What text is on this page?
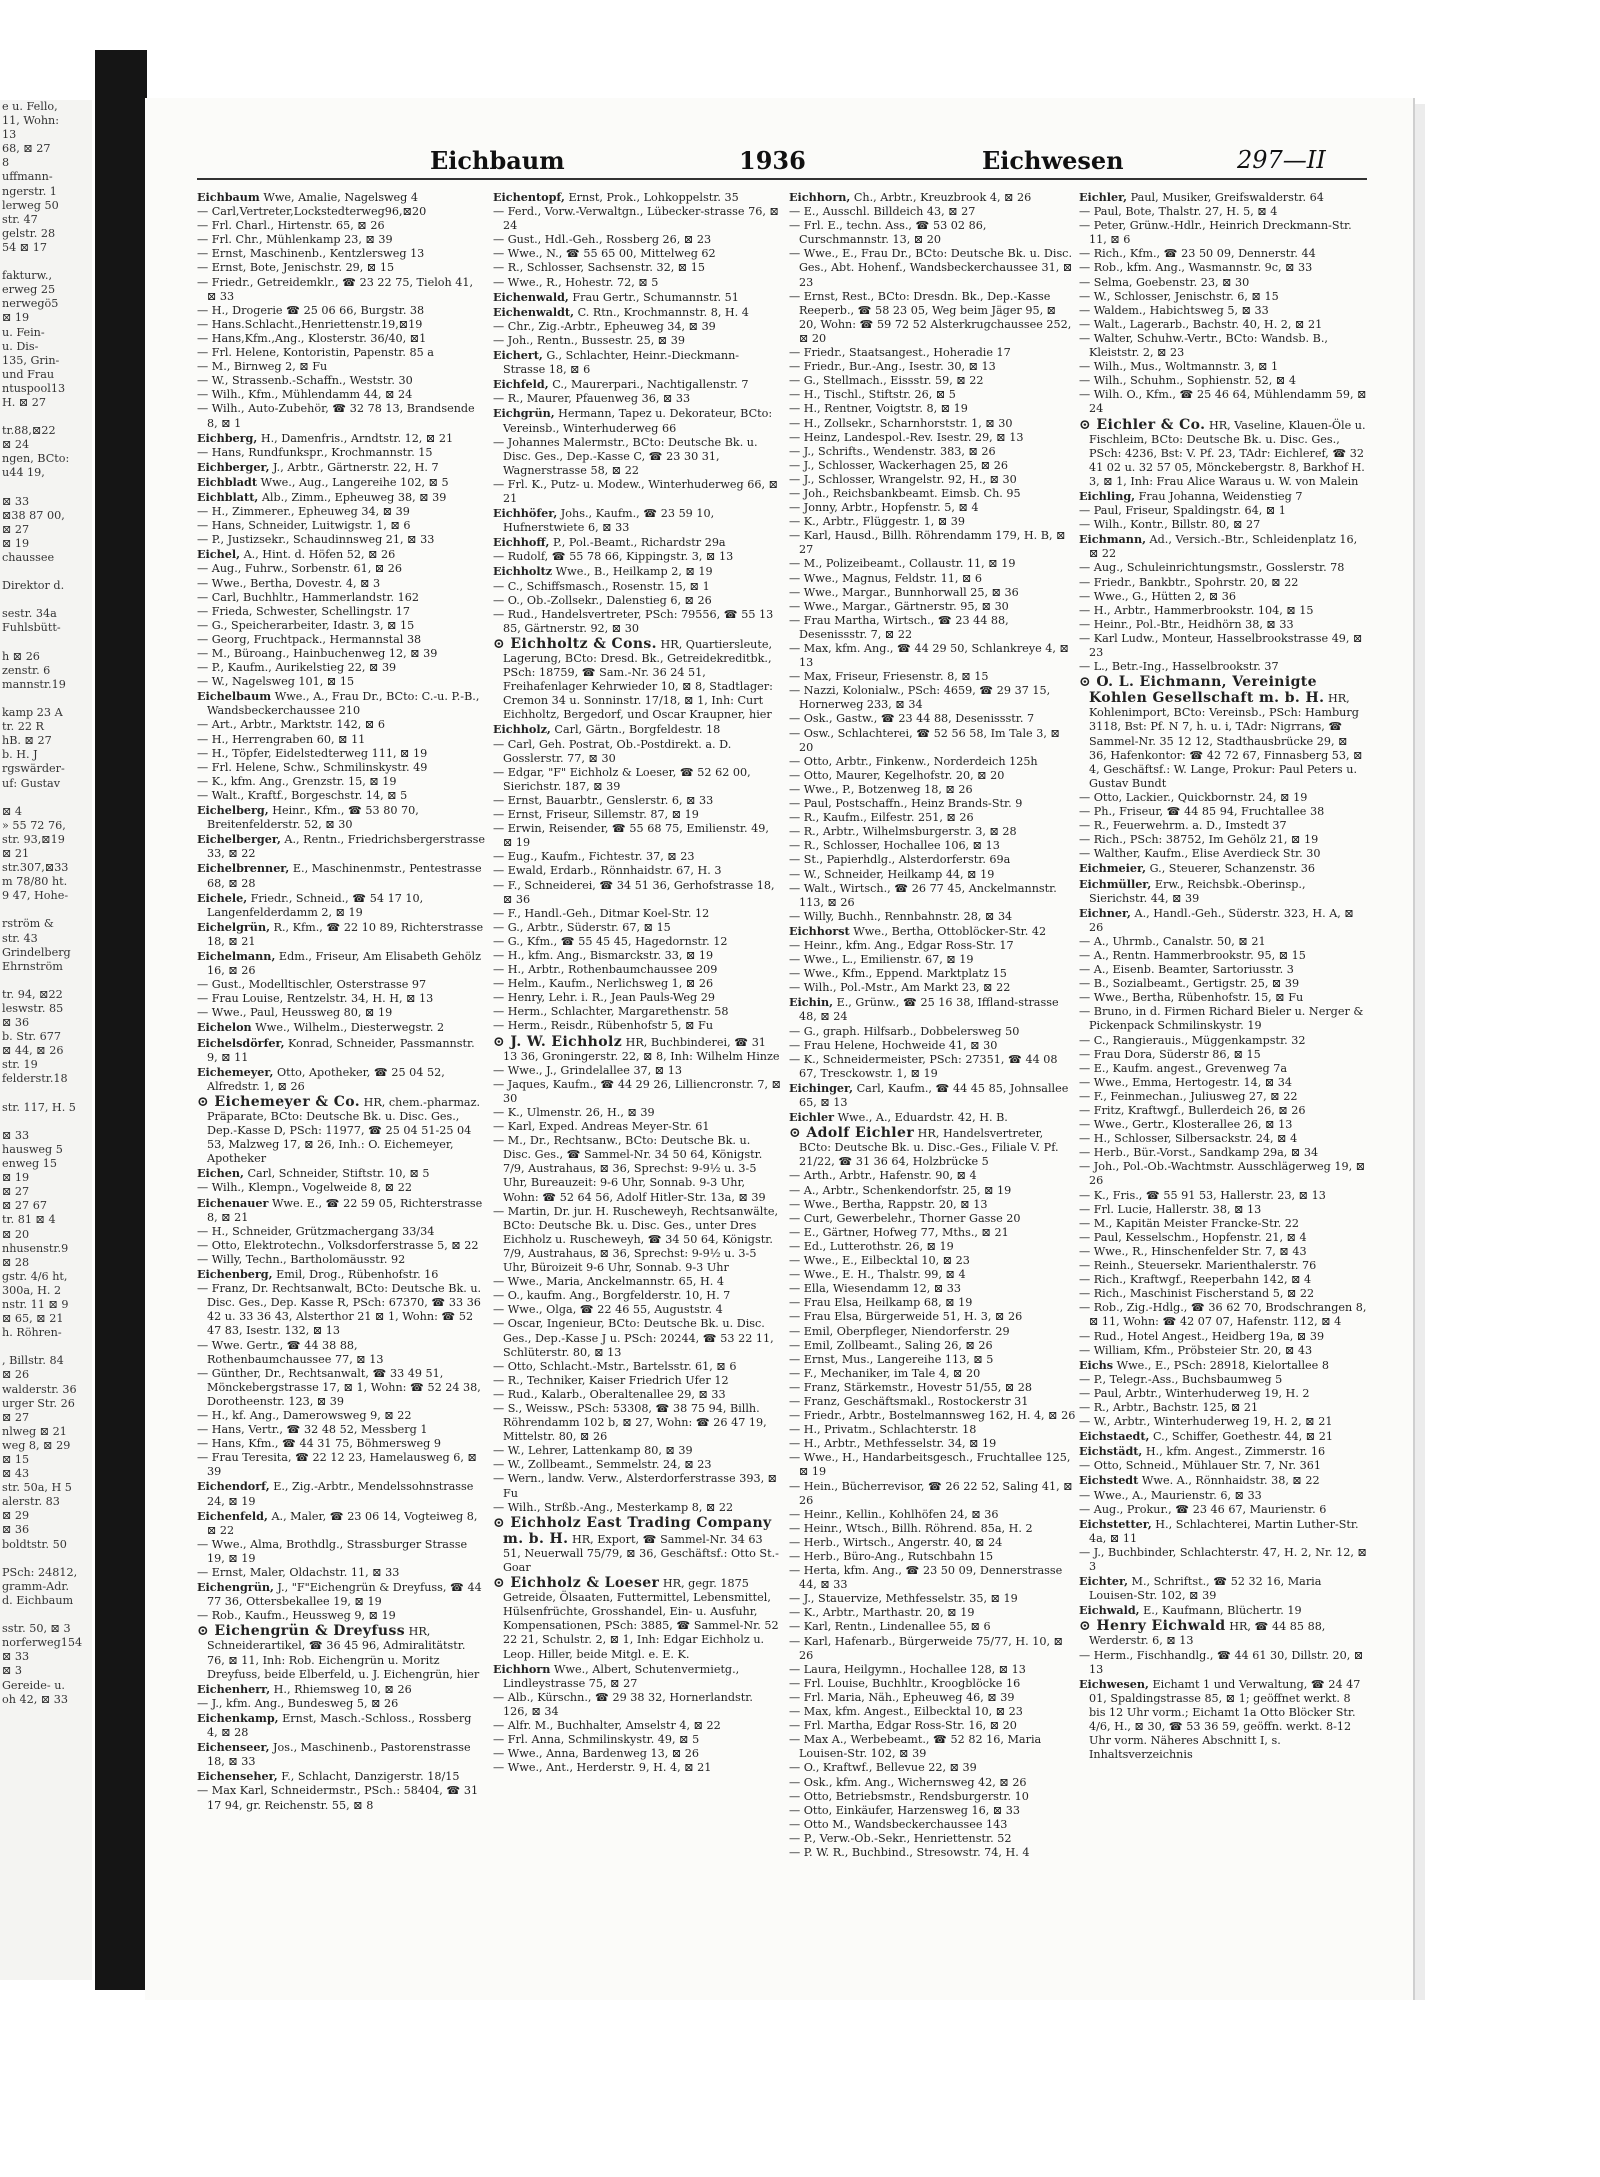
e u. Fello,
11, Wohn:
13
68, ⊠ 27
8
uffmann-
ngerstr. 1
lerweg 50
str. 47
gelstr. 28
54 ⊠ 17

fakturw.,
erweg 25
nerwegö5
⊠ 19
u. Fein-
u. Dis-
135, Grin-
und Frau
ntuspool13
H. ⊠ 27

tr.88,⊠22
⊠ 24
ngen, BCto:
u44 19,

⊠ 33
⊠38 87 00,
⊠ 27
⊠ 19
chaussee

Direktor d.

sestr. 34a
Fuhlsbütt-

h ⊠ 26
zenstr. 6
mannstr.19

kamp 23 A
tr. 22 R
hB. ⊠ 27
b. H. J
rgswärder-
uf: Gustav

⊠ 4
» 55 72 76,
str. 93,⊠19
⊠ 21
str.307,⊠33
m 78/80 ht.
9 47, Hohe-

rström &
str. 43
Grindelberg
Ehrnström

tr. 94, ⊠22
leswstr. 85
⊠ 36
b. Str. 677
⊠ 44, ⊠ 26
str. 19
felderstr.18

str. 117, H. 5

⊠ 33
hausweg 5
enweg 15
⊠ 19
⊠ 27
⊠ 27 67
tr. 81 ⊠ 4
⊠ 20
nhusenstr.9
⊠ 28
gstr. 4/6 ht,
300a, H. 2
nstr. 11 ⊠ 9
⊠ 65, ⊠ 21
h. Röhren-

, Billstr. 84
⊠ 26
walderstr. 36
urger Str. 26
⊠ 27
nlweg ⊠ 21
weg 8, ⊠ 29
⊠ 15
⊠ 43
str. 50a, H 5
alerstr. 83
⊠ 29
⊠ 36
boldtstr. 50

PSch: 24812,
gramm-Adr.
d. Eichbaum

sstr. 50, ⊠ 3
norferweg154
⊠ 33
⊠ 3
Gereide- u.
oh 42, ⊠ 33
Eichbaum	1936	Eichwesen	297—II

Eichbaum Wwe, Amalie, Nagelsweg 4

— Carl,Vertreter,Lockstedterweg96,⊠20

— Frl. Charl., Hirtenstr. 65, ⊠ 26

— Frl. Chr., Mühlenkamp 23, ⊠ 39

— Ernst, Maschinenb., Kentzlersweg 13

— Ernst, Bote, Jenischstr. 29, ⊠ 15

— Friedr., Getreidemklr., ☎ 23 22 75, Tieloh 41, ⊠ 33

— H., Drogerie ☎ 25 06 66, Burgstr. 38

— Hans.Schlacht.,Henriettenstr.19,⊠19

— Hans,Kfm.,Ang., Klosterstr. 36/40, ⊠1

— Frl. Helene, Kontoristin, Papenstr. 85 a

— M., Birnweg 2, ⊠ Fu

— W., Strassenb.-Schaffn., Weststr. 30

— Wilh., Kfm., Mühlendamm 44, ⊠ 24

— Wilh., Auto-Zubehör, ☎ 32 78 13, Brandsende 8, ⊠ 1

Eichberg, H., Damenfris., Arndtstr. 12, ⊠ 21

— Hans, Rundfunkspr., Krochmannstr. 15

Eichberger, J., Arbtr., Gärtnerstr. 22, H. 7

Eichbladt Wwe., Aug., Langereihe 102, ⊠ 5

Eichblatt, Alb., Zimm., Epheuweg 38, ⊠ 39

— H., Zimmerer., Epheuweg 34, ⊠ 39

— Hans, Schneider, Luitwigstr. 1, ⊠ 6

— P., Justizsekr., Schaudinnsweg 21, ⊠ 33

Eichel, A., Hint. d. Höfen 52, ⊠ 26

— Aug., Fuhrw., Sorbenstr. 61, ⊠ 26

— Wwe., Bertha, Dovestr. 4, ⊠ 3

— Carl, Buchhltr., Hammerlandstr. 162

— Frieda, Schwester, Schellingstr. 17

— G., Speicherarbeiter, Idastr. 3, ⊠ 15

— Georg, Fruchtpack., Hermannstal 38

— M., Büroang., Hainbuchenweg 12, ⊠ 39

— P., Kaufm., Aurikelstieg 22, ⊠ 39

— W., Nagelsweg 101, ⊠ 15

Eichelbaum Wwe., A., Frau Dr., BCto: C.-u. P.-B., Wandsbeckerchaussee 210

— Art., Arbtr., Marktstr. 142, ⊠ 6

— H., Herrengraben 60, ⊠ 11

— H., Töpfer, Eidelstedterweg 111, ⊠ 19

— Frl. Helene, Schw., Schmilinskystr. 49

— K., kfm. Ang., Grenzstr. 15, ⊠ 19

— Walt., Kraftf., Borgeschstr. 14, ⊠ 5

Eichelberg, Heinr., Kfm., ☎ 53 80 70, Breitenfelderstr. 52, ⊠ 30

Eichelberger, A., Rentn., Friedrichsbergerstrasse 33, ⊠ 22

Eichelbrenner, E., Maschinenmstr., Pentestrasse 68, ⊠ 28

Eichele, Friedr., Schneid., ☎ 54 17 10, Langenfelderdamm 2, ⊠ 19

Eichelgrün, R., Kfm., ☎ 22 10 89, Richterstrasse 18, ⊠ 21

Eichelmann, Edm., Friseur, Am Elisabeth Gehölz 16, ⊠ 26

— Gust., Modelltischler, Osterstrasse 97

— Frau Louise, Rentzelstr. 34, H. H, ⊠ 13

— Wwe., Paul, Heussweg 80, ⊠ 19

Eichelon Wwe., Wilhelm., Diesterwegstr. 2

Eichelsdörfer, Konrad, Schneider, Passmannstr. 9, ⊠ 11

Eichemeyer, Otto, Apotheker, ☎ 25 04 52, Alfredstr. 1, ⊠ 26

⊙ Eichemeyer & Co. HR, chem.-pharmaz. Präparate, BCto: Deutsche Bk. u. Disc. Ges., Dep.-Kasse D, PSch: 11977, ☎ 25 04 51-25 04 53, Malzweg 17, ⊠ 26, Inh.: O. Eichemeyer, Apotheker

Eichen, Carl, Schneider, Stiftstr. 10, ⊠ 5

— Wilh., Klempn., Vogelweide 8, ⊠ 22

Eichenauer Wwe. E., ☎ 22 59 05, Richterstrasse 8, ⊠ 21

— H., Schneider, Grützmachergang 33/34

— Otto, Elektrotechn., Volksdorferstrasse 5, ⊠ 22

— Willy, Techn., Bartholomäusstr. 92

Eichenberg, Emil, Drog., Rübenhofstr. 16

— Franz, Dr. Rechtsanwalt, BCto: Deutsche Bk. u. Disc. Ges., Dep. Kasse R, PSch: 67370, ☎ 33 36 42 u. 33 36 43, Alsterthor 21 ⊠ 1, Wohn: ☎ 52 47 83, Isestr. 132, ⊠ 13

— Wwe. Gertr., ☎ 44 38 88, Rothenbaumchaussee 77, ⊠ 13

— Günther, Dr., Rechtsanwalt, ☎ 33 49 51, Mönckebergstrasse 17, ⊠ 1, Wohn: ☎ 52 24 38, Dorotheenstr. 123, ⊠ 39

— H., kf. Ang., Damerowsweg 9, ⊠ 22

— Hans, Vertr., ☎ 32 48 52, Messberg 1

— Hans, Kfm., ☎ 44 31 75, Böhmersweg 9

— Frau Teresita, ☎ 22 12 23, Hamelausweg 6, ⊠ 39

Eichendorf, E., Zig.-Arbtr., Mendelssohnstrasse 24, ⊠ 19

Eichenfeld, A., Maler, ☎ 23 06 14, Vogteiweg 8, ⊠ 22

— Wwe., Alma, Brothdlg., Strassburger Strasse 19, ⊠ 19

— Ernst, Maler, Oldachstr. 11, ⊠ 33

Eichengrün, J., "F"Eichengrün & Dreyfuss, ☎ 44 77 36, Ottersbekallee 19, ⊠ 19

— Rob., Kaufm., Heussweg 9, ⊠ 19

⊙ Eichengrün & Dreyfuss HR, Schneiderartikel, ☎ 36 45 96, Admiralitätstr. 76, ⊠ 11, Inh: Rob. Eichengrün u. Moritz Dreyfuss, beide Elberfeld, u. J. Eichengrün, hier

Eichenherr, H., Rhiemsweg 10, ⊠ 26

— J., kfm. Ang., Bundesweg 5, ⊠ 26

Eichenkamp, Ernst, Masch.-Schloss., Rossberg 4, ⊠ 28

Eichenseer, Jos., Maschinenb., Pastorenstrasse 18, ⊠ 33

Eichenseher, F., Schlacht, Danzigerstr. 18/15

— Max Karl, Schneidermstr., PSch.: 58404, ☎ 31 17 94, gr. Reichenstr. 55, ⊠ 8

Eichentopf, Ernst, Prok., Lohkoppelstr. 35

— Ferd., Vorw.-Verwaltgn., Lübecker-strasse 76, ⊠ 24

— Gust., Hdl.-Geh., Rossberg 26, ⊠ 23

— Wwe., N., ☎ 55 65 00, Mittelweg 62

— R., Schlosser, Sachsenstr. 32, ⊠ 15

— Wwe., R., Hohestr. 72, ⊠ 5

Eichenwald, Frau Gertr., Schumannstr. 51

Eichenwaldt, C. Rtn., Krochmannstr. 8, H. 4

— Chr., Zig.-Arbtr., Epheuweg 34, ⊠ 39

— Joh., Rentn., Bussestr. 25, ⊠ 39

Eichert, G., Schlachter, Heinr.-Dieckmann-Strasse 18, ⊠ 6

Eichfeld, C., Maurerpari., Nachtigallenstr. 7

— R., Maurer, Pfauenweg 36, ⊠ 33

Eichgrün, Hermann, Tapez u. Dekorateur, BCto: Vereinsb., Winterhuderweg 66

— Johannes Malermstr., BCto: Deutsche Bk. u. Disc. Ges., Dep.-Kasse C, ☎ 23 30 31, Wagnerstrasse 58, ⊠ 22

— Frl. K., Putz- u. Modew., Winterhuderweg 66, ⊠ 21

Eichhöfer, Johs., Kaufm., ☎ 23 59 10, Hufnerstwiete 6, ⊠ 33

Eichhoff, P., Pol.-Beamt., Richardstr 29a

— Rudolf, ☎ 55 78 66, Kippingstr. 3, ⊠ 13

Eichholtz Wwe., B., Heilkamp 2, ⊠ 19

— C., Schiffsmasch., Rosenstr. 15, ⊠ 1

— O., Ob.-Zollsekr., Dalenstieg 6, ⊠ 26

— Rud., Handelsvertreter, PSch: 79556, ☎ 55 13 85, Gärtnerstr. 92, ⊠ 30

⊙ Eichholtz & Cons. HR, Quartiersleute, Lagerung, BCto: Dresd. Bk., Getreidekreditbk., PSch: 18759, ☎ Sam.-Nr. 36 24 51, Freihafenlager Kehrwieder 10, ⊠ 8, Stadtlager: Cremon 34 u. Sonninstr. 17/18, ⊠ 1, Inh: Curt Eichholtz, Bergedorf, und Oscar Kraupner, hier

Eichholz, Carl, Gärtn., Borgfeldestr. 18

— Carl, Geh. Postrat, Ob.-Postdirekt. a. D. Gosslerstr. 77, ⊠ 30

— Edgar, "F" Eichholz & Loeser, ☎ 52 62 00, Sierichstr. 187, ⊠ 39

— Ernst, Bauarbtr., Genslerstr. 6, ⊠ 33

— Ernst, Friseur, Sillemstr. 87, ⊠ 19

— Erwin, Reisender, ☎ 55 68 75, Emilienstr. 49, ⊠ 19

— Eug., Kaufm., Fichtestr. 37, ⊠ 23

— Ewald, Erdarb., Rönnhaidstr. 67, H. 3

— F., Schneiderei, ☎ 34 51 36, Gerhofstrasse 18, ⊠ 36

— F., Handl.-Geh., Ditmar Koel-Str. 12

— G., Arbtr., Süderstr. 67, ⊠ 15

— G., Kfm., ☎ 55 45 45, Hagedornstr. 12

— H., kfm. Ang., Bismarckstr. 33, ⊠ 19

— H., Arbtr., Rothenbaumchaussee 209

— Helm., Kaufm., Nerlichsweg 1, ⊠ 26

— Henry, Lehr. i. R., Jean Pauls-Weg 29

— Herm., Schlachter, Margarethenstr. 58

— Herm., Reisdr., Rübenhofstr 5, ⊠ Fu

⊙ J. W. Eichholz HR, Buchbinderei, ☎ 31 13 36, Groningerstr. 22, ⊠ 8, Inh: Wilhelm Hinze

— Wwe., J., Grindelallee 37, ⊠ 13

— Jaques, Kaufm., ☎ 44 29 26, Lilliencronstr. 7, ⊠ 30

— K., Ulmenstr. 26, H., ⊠ 39

— Karl, Exped. Andreas Meyer-Str. 61

— M., Dr., Rechtsanw., BCto: Deutsche Bk. u. Disc. Ges., ☎ Sammel-Nr. 34 50 64, Königstr. 7/9, Austrahaus, ⊠ 36, Sprechst: 9-9½ u. 3-5 Uhr, Bureauzeit: 9-6 Uhr, Sonnab. 9-3 Uhr, Wohn: ☎ 52 64 56, Adolf Hitler-Str. 13a, ⊠ 39

— Martin, Dr. jur. H. Ruscheweyh, Rechtsanwälte, BCto: Deutsche Bk. u. Disc. Ges., unter Dres Eichholz u. Ruscheweyh, ☎ 34 50 64, Königstr. 7/9, Austrahaus, ⊠ 36, Sprechst: 9-9½ u. 3-5 Uhr, Büroizeit 9-6 Uhr, Sonnab. 9-3 Uhr

— Wwe., Maria, Anckelmannstr. 65, H. 4

— O., kaufm. Ang., Borgfelderstr. 10, H. 7

— Wwe., Olga, ☎ 22 46 55, Auguststr. 4

— Oscar, Ingenieur, BCto: Deutsche Bk. u. Disc. Ges., Dep.-Kasse J u. PSch: 20244, ☎ 53 22 11, Schlüterstr. 80, ⊠ 13

— Otto, Schlacht.-Mstr., Bartelsstr. 61, ⊠ 6

— R., Techniker, Kaiser Friedrich Ufer 12

— Rud., Kalarb., Oberaltenallee 29, ⊠ 33

— S., Weissw., PSch: 53308, ☎ 38 75 94, Billh. Röhrendamm 102 b, ⊠ 27, Wohn: ☎ 26 47 19, Mittelstr. 80, ⊠ 26

— W., Lehrer, Lattenkamp 80, ⊠ 39

— W., Zollbeamt., Semmelstr. 24, ⊠ 23

— Wern., landw. Verw., Alsterdorferstrasse 393, ⊠ Fu

— Wilh., Strßb.-Ang., Mesterkamp 8, ⊠ 22

⊙ Eichholz East Trading Company m. b. H. HR, Export, ☎ Sammel-Nr. 34 63 51, Neuerwall 75/79, ⊠ 36, Geschäftsf.: Otto St.-Goar

⊙ Eichholz & Loeser HR, gegr. 1875 Getreide, Ölsaaten, Futtermittel, Lebensmittel, Hülsenfrüchte, Grosshandel, Ein- u. Ausfuhr, Kompensationen, PSch: 3885, ☎ Sammel-Nr. 52 22 21, Schulstr. 2, ⊠ 1, Inh: Edgar Eichholz u. Leop. Hiller, beide Mitgl. e. E. K.

Eichhorn Wwe., Albert, Schutenvermietg., Lindleystrasse 75, ⊠ 27

— Alb., Kürschn., ☎ 29 38 32, Hornerlandstr. 126, ⊠ 34

— Alfr. M., Buchhalter, Amselstr 4, ⊠ 22

— Frl. Anna, Schmilinskystr. 49, ⊠ 5

— Wwe., Anna, Bardenweg 13, ⊠ 26

— Wwe., Ant., Herderstr. 9, H. 4, ⊠ 21

Eichhorn, Ch., Arbtr., Kreuzbrook 4, ⊠ 26

— E., Ausschl. Billdeich 43, ⊠ 27

— Frl. E., techn. Ass., ☎ 53 02 86, Curschmannstr. 13, ⊠ 20

— Wwe., E., Frau Dr., BCto: Deutsche Bk. u. Disc. Ges., Abt. Hohenf., Wandsbeckerchaussee 31, ⊠ 23

— Ernst, Rest., BCto: Dresdn. Bk., Dep.-Kasse Reeperb., ☎ 58 23 05, Weg beim Jäger 95, ⊠ 20, Wohn: ☎ 59 72 52 Alsterkrugchaussee 252, ⊠ 20

— Friedr., Staatsangest., Hoheradie 17

— Friedr., Bur.-Ang., Isestr. 30, ⊠ 13

— G., Stellmach., Eissstr. 59, ⊠ 22

— H., Tischl., Stiftstr. 26, ⊠ 5

— H., Rentner, Voigtstr. 8, ⊠ 19

— H., Zollsekr., Scharnhorststr. 1, ⊠ 30

— Heinz, Landespol.-Rev. Isestr. 29, ⊠ 13

— J., Schrifts., Wendenstr. 383, ⊠ 26

— J., Schlosser, Wackerhagen 25, ⊠ 26

— J., Schlosser, Wrangelstr. 92, H., ⊠ 30

— Joh., Reichsbankbeamt. Eimsb. Ch. 95

— Jonny, Arbtr., Hopfenstr. 5, ⊠ 4

— K., Arbtr., Flüggestr. 1, ⊠ 39

— Karl, Hausd., Billh. Röhrendamm 179, H. B, ⊠ 27

— M., Polizeibeamt., Collaustr. 11, ⊠ 19

— Wwe., Magnus, Feldstr. 11, ⊠ 6

— Wwe., Margar., Bunnhorwall 25, ⊠ 36

— Wwe., Margar., Gärtnerstr. 95, ⊠ 30

— Frau Martha, Wirtsch., ☎ 23 44 88, Desenissstr. 7, ⊠ 22

— Max, kfm. Ang., ☎ 44 29 50, Schlankreye 4, ⊠ 13

— Max, Friseur, Friesenstr. 8, ⊠ 15

— Nazzi, Kolonialw., PSch: 4659, ☎ 29 37 15, Hornerweg 233, ⊠ 34

— Osk., Gastw., ☎ 23 44 88, Desenissstr. 7

— Osw., Schlachterei, ☎ 52 56 58, Im Tale 3, ⊠ 20

— Otto, Arbtr., Finkenw., Norderdeich 125h

— Otto, Maurer, Kegelhofstr. 20, ⊠ 20

— Wwe., P., Botzenweg 18, ⊠ 26

— Paul, Postschaffn., Heinz Brands-Str. 9

— R., Kaufm., Eilfestr. 251, ⊠ 26

— R., Arbtr., Wilhelmsburgerstr. 3, ⊠ 28

— R., Schlosser, Hochallee 106, ⊠ 13

— St., Papierhdlg., Alsterdorferstr. 69a

— W., Schneider, Heilkamp 44, ⊠ 19

— Walt., Wirtsch., ☎ 26 77 45, Anckelmannstr. 113, ⊠ 26

— Willy, Buchh., Rennbahnstr. 28, ⊠ 34

Eichhorst Wwe., Bertha, Ottoblöcker-Str. 42

— Heinr., kfm. Ang., Edgar Ross-Str. 17

— Wwe., L., Emilienstr. 67, ⊠ 19

— Wwe., Kfm., Eppend. Marktplatz 15

— Wilh., Pol.-Mstr., Am Markt 23, ⊠ 22

Eichin, E., Grünw., ☎ 25 16 38, Iffland-strasse 48, ⊠ 24

— G., graph. Hilfsarb., Dobbelersweg 50

— Frau Helene, Hochweide 41, ⊠ 30

— K., Schneidermeister, PSch: 27351, ☎ 44 08 67, Tresckowstr. 1, ⊠ 19

Eichinger, Carl, Kaufm., ☎ 44 45 85, Johnsallee 65, ⊠ 13

Eichler Wwe., A., Eduardstr. 42, H. B.

⊙ Adolf Eichler HR, Handelsvertreter, BCto: Deutsche Bk. u. Disc.-Ges., Filiale V. Pf. 21/22, ☎ 31 36 64, Holzbrücke 5

— Arth., Arbtr., Hafenstr. 90, ⊠ 4

— A., Arbtr., Schenkendorfstr. 25, ⊠ 19

— Wwe., Bertha, Rappstr. 20, ⊠ 13

— Curt, Gewerbelehr., Thorner Gasse 20

— E., Gärtner, Hofweg 77, Mths., ⊠ 21

— Ed., Lutterothstr. 26, ⊠ 19

— Wwe., E., Eilbecktal 10, ⊠ 23

— Wwe., E. H., Thalstr. 99, ⊠ 4

— Ella, Wiesendamm 12, ⊠ 33

— Frau Elsa, Heilkamp 68, ⊠ 19

— Frau Elsa, Bürgerweide 51, H. 3, ⊠ 26

— Emil, Oberpfleger, Niendorferstr. 29

— Emil, Zollbeamt., Saling 26, ⊠ 26

— Ernst, Mus., Langereihe 113, ⊠ 5

— F., Mechaniker, im Tale 4, ⊠ 20

— Franz, Stärkemstr., Hovestr 51/55, ⊠ 28

— Franz, Geschäftsmakl., Rostockerstr 31

— Friedr., Arbtr., Bostelmannsweg 162, H. 4, ⊠ 26

— H., Privatm., Schlachterstr. 18

— H., Arbtr., Methfesselstr. 34, ⊠ 19

— Wwe., H., Handarbeitsgesch., Fruchtallee 125, ⊠ 19

— Hein., Bücherrevisor, ☎ 26 22 52, Saling 41, ⊠ 26

— Heinr., Kellin., Kohlhöfen 24, ⊠ 36

— Heinr., Wtsch., Billh. Röhrend. 85a, H. 2

— Herb., Wirtsch., Angerstr. 40, ⊠ 24

— Herb., Büro-Ang., Rutschbahn 15

— Herta, kfm. Ang., ☎ 23 50 09, Dennerstrasse 44, ⊠ 33

— J., Stauervize, Methfesselstr. 35, ⊠ 19

— K., Arbtr., Marthastr. 20, ⊠ 19

— Karl, Rentn., Lindenallee 55, ⊠ 6

— Karl, Hafenarb., Bürgerweide 75/77, H. 10, ⊠ 26

— Laura, Heilgymn., Hochallee 128, ⊠ 13

— Frl. Louise, Buchhltr., Kroogblöcke 16

— Frl. Maria, Näh., Epheuweg 46, ⊠ 39

— Max, kfm. Angest., Eilbecktal 10, ⊠ 23

— Frl. Martha, Edgar Ross-Str. 16, ⊠ 20

— Max A., Werbebeamt., ☎ 52 82 16, Maria Louisen-Str. 102, ⊠ 39

— O., Kraftwf., Bellevue 22, ⊠ 39

— Osk., kfm. Ang., Wichernsweg 42, ⊠ 26

— Otto, Betriebsmstr., Rendsburgerstr. 10

— Otto, Einkäufer, Harzensweg 16, ⊠ 33

— Otto M., Wandsbeckerchaussee 143

— P., Verw.-Ob.-Sekr., Henriettenstr. 52

— P. W. R., Buchbind., Stresowstr. 74, H. 4

Eichler, Paul, Musiker, Greifswalderstr. 64

— Paul, Bote, Thalstr. 27, H. 5, ⊠ 4

— Peter, Grünw.-Hdlr., Heinrich Dreckmann-Str. 11, ⊠ 6

— Rich., Kfm., ☎ 23 50 09, Dennerstr. 44

— Rob., kfm. Ang., Wasmannstr. 9c, ⊠ 33

— Selma, Goebenstr. 23, ⊠ 30

— W., Schlosser, Jenischstr. 6, ⊠ 15

— Waldem., Habichtsweg 5, ⊠ 33

— Walt., Lagerarb., Bachstr. 40, H. 2, ⊠ 21

— Walter, Schuhw.-Vertr., BCto: Wandsb. B., Kleiststr. 2, ⊠ 23

— Wilh., Mus., Woltmannstr. 3, ⊠ 1

— Wilh., Schuhm., Sophienstr. 52, ⊠ 4

— Wilh. O., Kfm., ☎ 25 46 64, Mühlendamm 59, ⊠ 24

⊙ Eichler & Co. HR, Vaseline, Klauen-Öle u. Fischleim, BCto: Deutsche Bk. u. Disc. Ges., PSch: 4236, Bst: V. Pf. 23, TAdr: Eichleref, ☎ 32 41 02 u. 32 57 05, Mönckebergstr. 8, Barkhof H. 3, ⊠ 1, Inh: Frau Alice Waraus u. W. von Malein

Eichling, Frau Johanna, Weidenstieg 7

— Paul, Friseur, Spaldingstr. 64, ⊠ 1

— Wilh., Kontr., Billstr. 80, ⊠ 27

Eichmann, Ad., Versich.-Btr., Schleidenplatz 16, ⊠ 22

— Aug., Schuleinrichtungsmstr., Gosslerstr. 78

— Friedr., Bankbtr., Spohrstr. 20, ⊠ 22

— Wwe., G., Hütten 2, ⊠ 36

— H., Arbtr., Hammerbrookstr. 104, ⊠ 15

— Heinr., Pol.-Btr., Heidhörn 38, ⊠ 33

— Karl Ludw., Monteur, Hasselbrookstrasse 49, ⊠ 23

— L., Betr.-Ing., Hasselbrookstr. 37

⊙ O. L. Eichmann, Vereinigte Kohlen Gesellschaft m. b. H. HR, Kohlenimport, BCto: Vereinsb., PSch: Hamburg 3118, Bst: Pf. N 7, h. u. i, TAdr: Nigrrans, ☎ Sammel-Nr. 35 12 12, Stadthausbrücke 29, ⊠ 36, Hafenkontor: ☎ 42 72 67, Finnasberg 53, ⊠ 4, Geschäftsf.: W. Lange, Prokur: Paul Peters u. Gustav Bundt

— Otto, Lackier., Quickbornstr. 24, ⊠ 19

— Ph., Friseur, ☎ 44 85 94, Fruchtallee 38

— R., Feuerwehrm. a. D., Imstedt 37

— Rich., PSch: 38752, Im Gehölz 21, ⊠ 19

— Walther, Kaufm., Elise Averdieck Str. 30

Eichmeier, G., Steuerer, Schanzenstr. 36

Eichmüller, Erw., Reichsbk.-Oberinsp., Sierichstr. 44, ⊠ 39

Eichner, A., Handl.-Geh., Süderstr. 323, H. A, ⊠ 26

— A., Uhrmb., Canalstr. 50, ⊠ 21

— A., Rentn. Hammerbrookstr. 95, ⊠ 15

— A., Eisenb. Beamter, Sartoriusstr. 3

— B., Sozialbeamt., Gertigstr. 25, ⊠ 39

— Wwe., Bertha, Rübenhofstr. 15, ⊠ Fu

— Bruno, in d. Firmen Richard Bieler u. Nerger & Pickenpack Schmilinskystr. 19

— C., Rangierauis., Müggenkampstr. 32

— Frau Dora, Süderstr 86, ⊠ 15

— E., Kaufm. angest., Grevenweg 7a

— Wwe., Emma, Hertogestr. 14, ⊠ 34

— F., Feinmechan., Juliusweg 27, ⊠ 22

— Fritz, Kraftwgf., Bullerdeich 26, ⊠ 26

— Wwe., Gertr., Klosterallee 26, ⊠ 13

— H., Schlosser, Silbersackstr. 24, ⊠ 4

— Herb., Bür.-Vorst., Sandkamp 29a, ⊠ 34

— Joh., Pol.-Ob.-Wachtmstr. Ausschlägerweg 19, ⊠ 26

— K., Fris., ☎ 55 91 53, Hallerstr. 23, ⊠ 13

— Frl. Lucie, Hallerstr. 38, ⊠ 13

— M., Kapitän Meister Francke-Str. 22

— Paul, Kesselschm., Hopfenstr. 21, ⊠ 4

— Wwe., R., Hinschenfelder Str. 7, ⊠ 43

— Reinh., Steuersekr. Marienthalerstr. 76

— Rich., Kraftwgf., Reeperbahn 142, ⊠ 4

— Rich., Maschinist Fischerstand 5, ⊠ 22

— Rob., Zig.-Hdlg., ☎ 36 62 70, Brodschrangen 8, ⊠ 11, Wohn: ☎ 42 07 07, Hafenstr. 112, ⊠ 4

— Rud., Hotel Angest., Heidberg 19a, ⊠ 39

— William, Kfm., Pröbsteier Str. 20, ⊠ 43

Eichs Wwe., E., PSch: 28918, Kielortallee 8

— P., Telegr.-Ass., Buchsbaumweg 5

— Paul, Arbtr., Winterhuderweg 19, H. 2

— R., Arbtr., Bachstr. 125, ⊠ 21

— W., Arbtr., Winterhuderweg 19, H. 2, ⊠ 21

Eichstaedt, C., Schiffer, Goethestr. 44, ⊠ 21

Eichstädt, H., kfm. Angest., Zimmerstr. 16

— Otto, Schneid., Mühlauer Str. 7, Nr. 361

Eichstedt Wwe. A., Rönnhaidstr. 38, ⊠ 22

— Wwe., A., Maurienstr. 6, ⊠ 33

— Aug., Prokur., ☎ 23 46 67, Maurienstr. 6

Eichstetter, H., Schlachterei, Martin Luther-Str. 4a, ⊠ 11

— J., Buchbinder, Schlachterstr. 47, H. 2, Nr. 12, ⊠ 3

Eichter, M., Schriftst., ☎ 52 32 16, Maria Louisen-Str. 102, ⊠ 39

Eichwald, E., Kaufmann, Blüchertr. 19

⊙ Henry Eichwald HR, ☎ 44 85 88, Werderstr. 6, ⊠ 13

— Herm., Fischhandlg., ☎ 44 61 30, Dillstr. 20, ⊠ 13

Eichwesen, Eichamt 1 und Verwaltung, ☎ 24 47 01, Spaldingstrasse 85, ⊠ 1; geöffnet werkt. 8 bis 12 Uhr vorm.; Eichamt 1a Otto Blöcker Str. 4/6, H., ⊠ 30, ☎ 53 36 59, geöffn. werkt. 8-12 Uhr vorm. Näheres Abschnitt I, s. Inhaltsverzeichnis
